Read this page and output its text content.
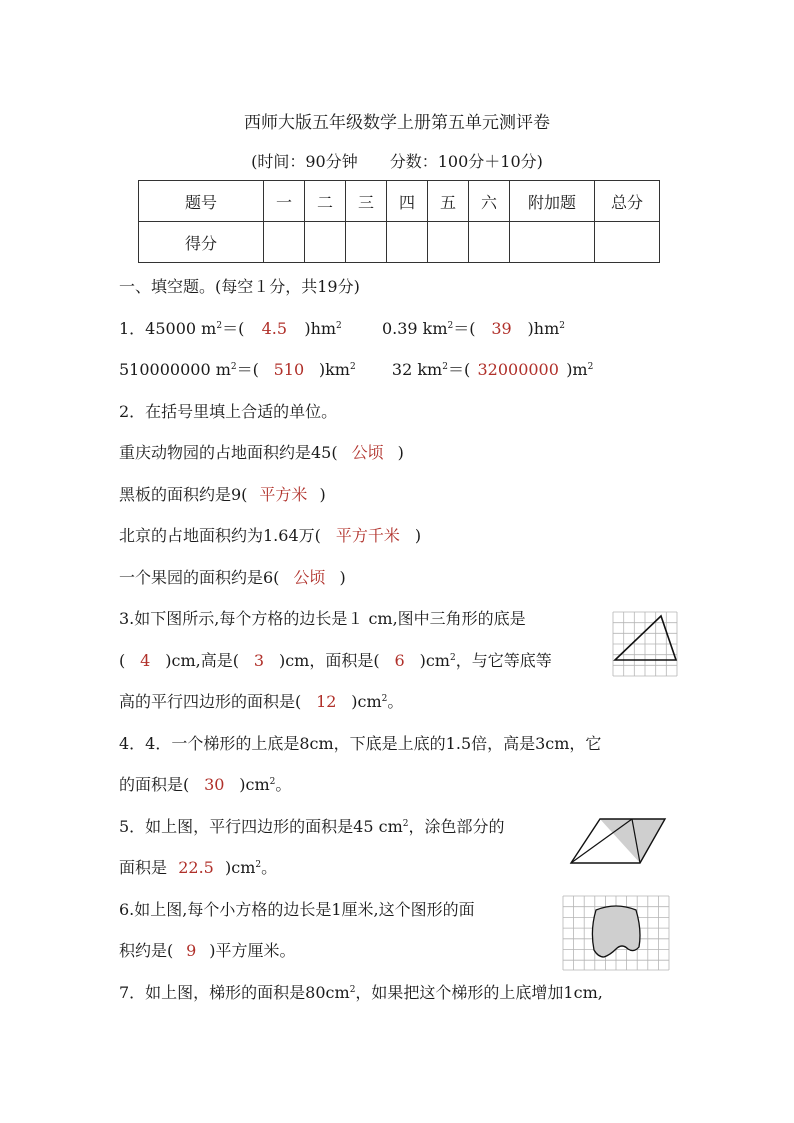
西师大版五年级数学上册第五单元测评卷
(时间：90分钟　　分数：100分＋10分)
题号	一	二	三	四	五	六	附加题	总分
得分								
一、填空题。(每空１分，共19分)
1．45000 $m^2=$( 4.5 )$hm^2$	0.39 $km^2=$( 39 )$hm^2$
510000000 $m^2=$( 510 )$km^2$ 32 $km^2=$( 32000000 )$m^2$
2．在括号里填上合适的单位。
重庆动物园的占地面积约是45( 公顷 )
黑板的面积约是9( 平方米 )
北京的占地面积约为1.64万( 平方千米 )
一个果园的面积约是6( 公顷 )
3.如下图所示,每个方格的边长是１ cm,图中三角形的底是
( 4 )cm,高是( 3 )cm，面积是( 6 )$cm^2$，与它等底等
高的平行四边形的面积是( 12 )$cm^2$。
4．4．一个梯形的上底是8cm，下底是上底的1.5倍，高是3cm，它
的面积是( 30 )$cm^2$。
5．如上图，平行四边形的面积是45 $cm^2$，涂色部分的
面积是 22.5 )$cm^2$。
6.如上图,每个小方格的边长是1厘米,这个图形的面
积约是( 9 )平方厘米。
7．如上图，梯形的面积是$80cm^2$，如果把这个梯形的上底增加1cm,
